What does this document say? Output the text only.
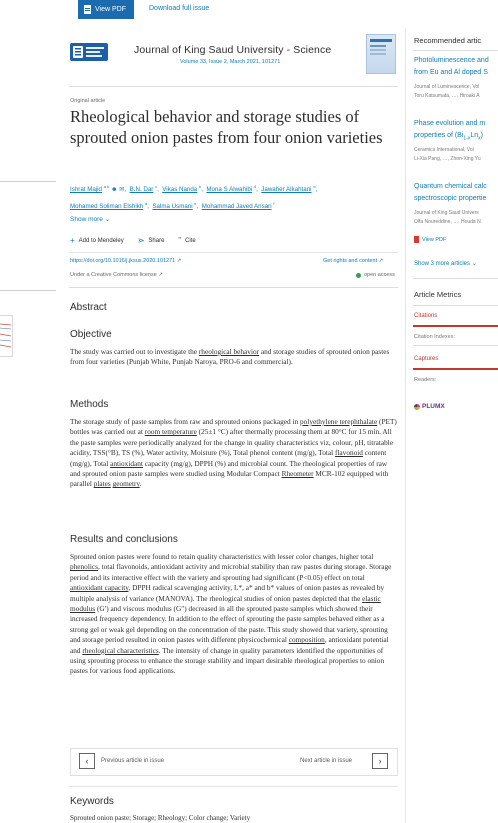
View PDF	Download full issue
Journal of King Saud University - Science
Volume 33, Issue 2, March 2021, 101271
Original article
Rheological behavior and storage studies of sprouted onion pastes from four onion varieties
Ishrat Majid $^{a b}$ ☻ ✉,  B.N. Dar $^c$,  Vikas Nanda $^b$,  Mona S Alwahibi $^d$,  Jawaher Alkahtani $^d$,
Mohamed Soliman Elshikh $^d$,  Salma Usmani $^e$,  Mohammad Javed Ansari $^f$
Show more ⌄
+ Add to Mendeley ⋗ Share ” Cite
https://doi.org/10.1016/j.jksus.2020.101271 ↗	Get rights and content ↗
Under a Creative Commons license ↗	open access
Abstract
Objective
The study was carried out to investigate the rheological behavior and storage studies of sprouted onion pastes from four varieties (Punjab White, Punjab Naroya, PRO-6 and commercial).
Methods
The storage study of paste samples from raw and sprouted onions packaged in polyethylene terephthalate (PET) bottles was carried out at room temperature (25±1 °C) after thermally processing them at 80°C for 15 min. All the paste samples were periodically analyzed for the change in quality characteristics viz, colour, pH, titratable acidity, TSS(°B), TS (%), Water activity, Moisture (%), Total phenol content (mg/g), Total flavonoid content (mg/g), Total antioxidant capacity (mg/g), DPPH (%) and microbial count. The rheological properties of raw and sprouted onion paste samples were studied using Modular Compact Rheometer MCR-102 equipped with parallel plates geometry.
Results and conclusions
Sprouted onion pastes were found to retain quality characteristics with lesser color changes, higher total phenolics, total flavonoids, antioxidant activity and microbial stability than raw pastes during storage. Storage period and its interactive effect with the variety and sprouting had significant (P<0.05) effect on total antioxidant capacity, DPPH radical scavenging activity, L*, a* and b* values of onion pastes as revealed by multiple analysis of variance (MANOVA). The rheological studies of onion pastes depicted that the elastic modulus (G′) and viscous modulus (G″) decreased in all the sprouted paste samples which showed their increased frequency dependency. In addition to the effect of sprouting the paste samples behaved either as a strong gel or weak gel depending on the concentration of the paste. This study showed that variety, sprouting and storage period resulted in onion pastes with different physicochemical composition, antioxidant potential and rheological characteristics. The intensity of change in quality parameters identified the opportunities of using sprouting process to enhance the storage stability and impart desirable rheological properties to onion pastes for various food applications.
‹ Previous article in issue	Next article in issue	›
Keywords
Sprouted onion paste; Storage; Rheology; Color change; Variety
Recommended artic
Photoluminescence and
from Eu and Al doped S
Journal of Luminescence, Vol
Toru Katsumata, …, Hiroaki A
Phase evolution and m
properties of $(Bi_{1-x}Ln_x)$
Ceramics International, Vol
Li-Xia Pang, …, Zhen-Xing Yu
Quantum chemical calc
spectroscopic propertie
Journal of King Saud Univers
Olfa Noureddine, …, Houda N
View PDF
Show 3 more articles ⌄
Article Metrics
Citations
Citation Indexes:
Captures
Readers:
PLUMX
